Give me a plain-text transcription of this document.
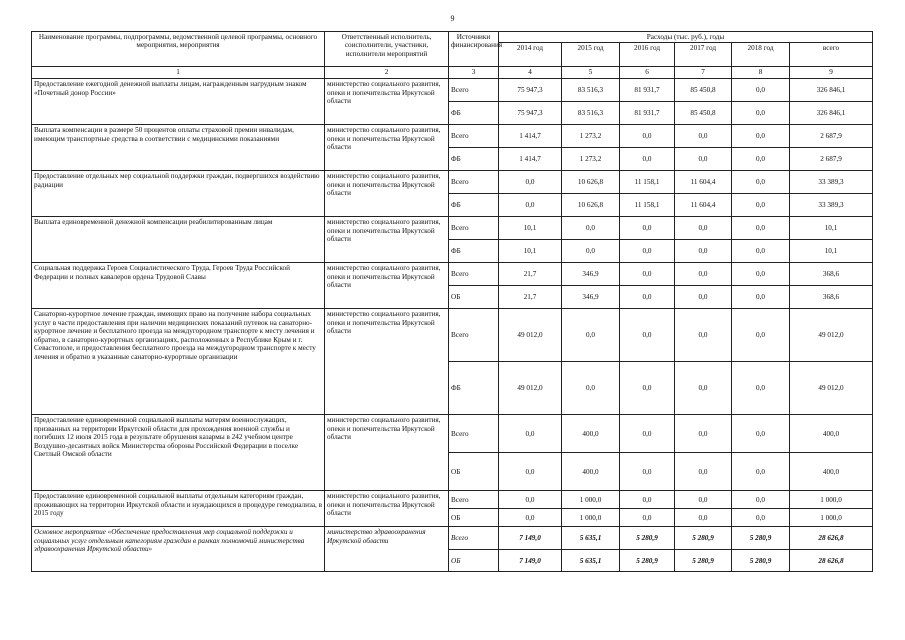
9
Наименование программы, подпрограммы, ведомственной целевой программы, основного мероприятия, мероприятия	Ответственный исполнитель, соисполнители, участники, исполнители мероприятий	Источники финансирования	Расходы (тыс. руб.), годы					
			2014 год	2015 год	2016 год	2017 год	2018 год	всего
1	2	3	4	5	6	7	8	9
Предоставление ежегодной денежной выплаты лицам, награжденным нагрудным знаком «Почетный донор России»	министерство социального развития, опеки и попечительства Иркутской области	Всего	75 947,3	83 516,3	81 931,7	85 450,8	0,0	326 846,1
		ФБ	75 947,3	83 516,3	81 931,7	85 450,8	0,0	326 846,1
Выплата компенсации в размере 50 процентов оплаты страховой премии инвалидам, имеющим транспортные средства в соответствии с медицинскими показаниями	министерство социального развития, опеки и попечительства Иркутской области	Всего	1 414,7	1 273,2	0,0	0,0	0,0	2 687,9
		ФБ	1 414,7	1 273,2	0,0	0,0	0,0	2 687,9
Предоставление отдельных мер социальной поддержки граждан, подвергшихся воздействию радиации	министерство социального развития, опеки и попечительства Иркутской области	Всего	0,0	10 626,8	11 158,1	11 604,4	0,0	33 389,3
		ФБ	0,0	10 626,8	11 158,1	11 604,4	0,0	33 389,3
Выплата единовременной денежной компенсации реабилитированным лицам	министерство социального развития, опеки и попечительства Иркутской области	Всего	10,1	0,0	0,0	0,0	0,0	10,1
		ФБ	10,1	0,0	0,0	0,0	0,0	10,1
Социальная поддержка Героев Социалистического Труда, Героев Труда Российской Федерации и полных кавалеров ордена Трудовой Славы	министерство социального развития, опеки и попечительства Иркутской области	Всего	21,7	346,9	0,0	0,0	0,0	368,6
		ОБ	21,7	346,9	0,0	0,0	0,0	368,6
Санаторно-курортное лечение граждан, имеющих право на получение набора социальных услуг в части предоставления при наличии медицинских показаний путевок на санаторно-курортное лечение и бесплатного проезда на междугородном транспорте к месту лечения и обратно, в санаторно-курортных организациях, расположенных в Республике Крым и г. Севастополе, и предоставления бесплатного проезда на междугородном транспорте к месту лечения и обратно в указанные санаторно-курортные организации	министерство социального развития, опеки и попечительства Иркутской области	Всего	49 012,0	0,0	0,0	0,0	0,0	49 012,0
		ФБ	49 012,0	0,0	0,0	0,0	0,0	49 012,0
Предоставление единовременной социальной выплаты матерям военнослужащих, призванных на территории Иркутской области для прохождения военной службы и погибших 12 июля 2015 года в результате обрушения казармы в 242 учебном центре Воздушно-десантных войск Министерства обороны Российской Федерации в поселке Светлый Омской области	министерство социального развития, опеки и попечительства Иркутской области	Всего	0,0	400,0	0,0	0,0	0,0	400,0
		ОБ	0,0	400,0	0,0	0,0	0,0	400,0
Предоставление единовременной социальной выплаты отдельным категориям граждан, проживающих на территории Иркутской области и нуждающихся в процедуре гемодиализа, в 2015 году	министерство социального развития, опеки и попечительства Иркутской области	Всего	0,0	1 000,0	0,0	0,0	0,0	1 000,0
		ОБ	0,0	1 000,0	0,0	0,0	0,0	1 000,0
Основное мероприятие «Обеспечение предоставления мер социальной поддержки и социальных услуг отдельным категориям граждан в рамках полномочий министерства здравоохранения Иркутской области»	министерство здравоохранения Иркутской области	Всего	7 149,0	5 635,1	5 280,9	5 280,9	5 280,9	28 626,8
		ОБ	7 149,0	5 635,1	5 280,9	5 280,9	5 280,9	28 626,8
